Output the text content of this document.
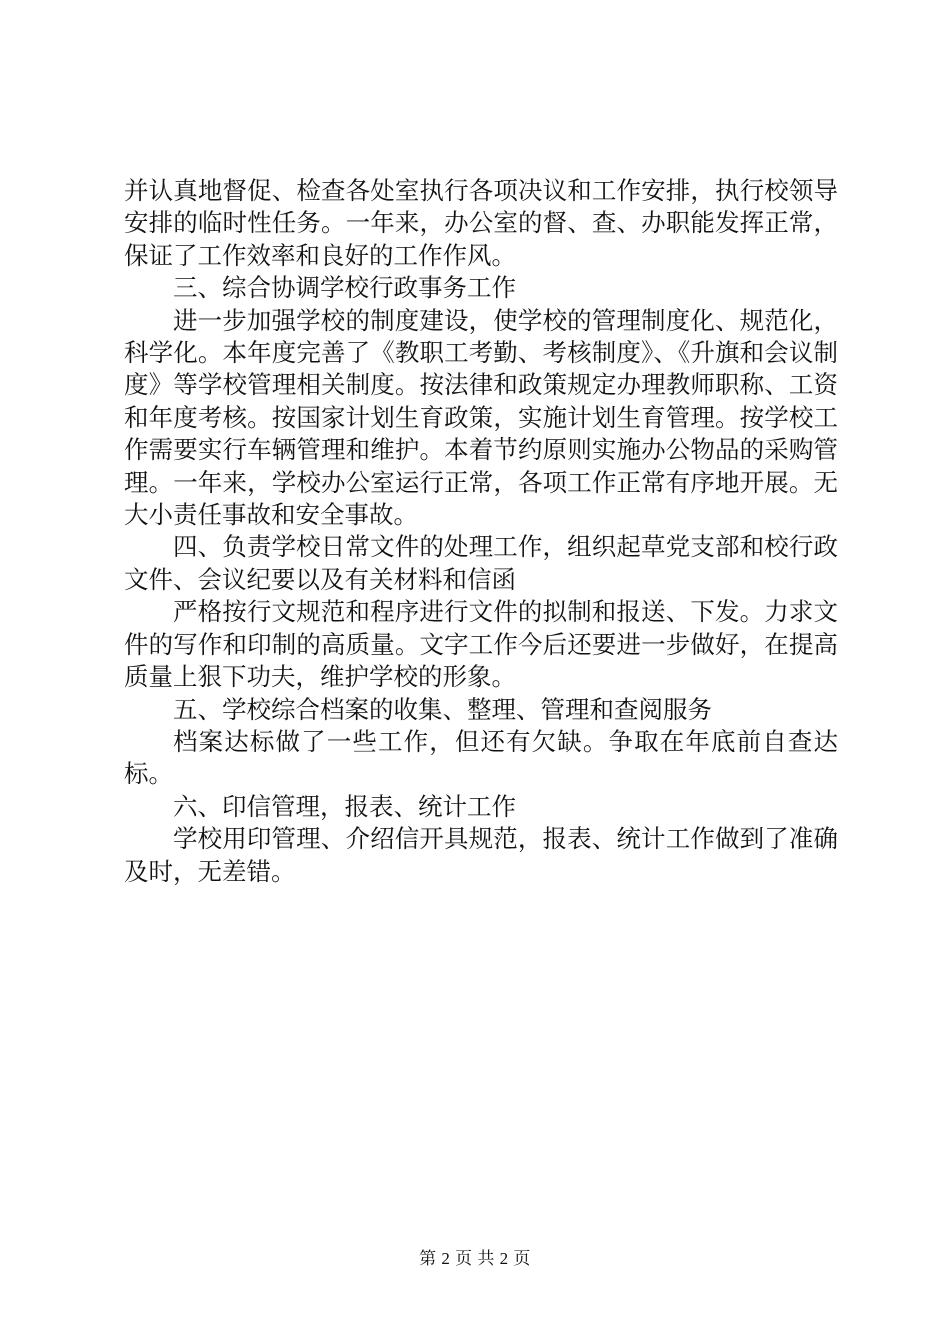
并认真地督促、检查各处室执行各项决议和工作安排，执行校领导安排的临时性任务。一年来，办公室的督、查、办职能发挥正常，保证了工作效率和良好的工作作风。

三、综合协调学校行政事务工作

进一步加强学校的制度建设，使学校的管理制度化、规范化，科学化。本年度完善了《教职工考勤、考核制度》、《升旗和会议制度》等学校管理相关制度。按法律和政策规定办理教师职称、工资和年度考核。按国家计划生育政策，实施计划生育管理。按学校工作需要实行车辆管理和维护。本着节约原则实施办公物品的采购管理。一年来，学校办公室运行正常，各项工作正常有序地开展。无大小责任事故和安全事故。

四、负责学校日常文件的处理工作，组织起草党支部和校行政文件、会议纪要以及有关材料和信函

严格按行文规范和程序进行文件的拟制和报送、下发。力求文件的写作和印制的高质量。文字工作今后还要进一步做好，在提高质量上狠下功夫，维护学校的形象。

五、学校综合档案的收集、整理、管理和查阅服务

档案达标做了一些工作，但还有欠缺。争取在年底前自查达标。

六、印信管理，报表、统计工作

学校用印管理、介绍信开具规范，报表、统计工作做到了准确及时，无差错。

第 2 页 共 2 页
